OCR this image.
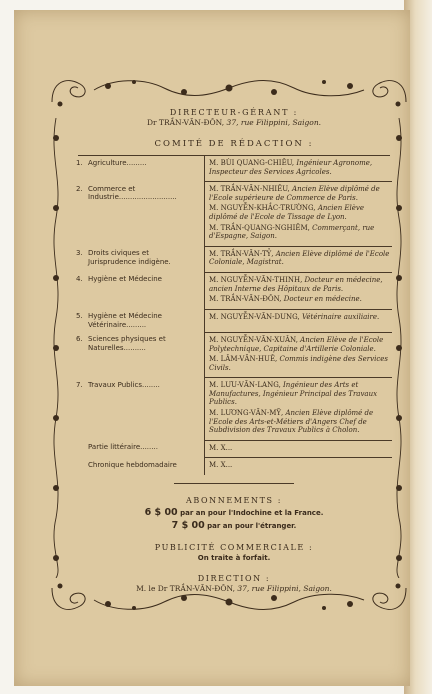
DIRECTEUR-GÉRANT :
Dr TRẦN-VĂN-ĐÔN, 37, rue Filippini, Saigon.
COMITÉ DE RÉDACTION :
1.	Agriculture.........	M. BÙI QUANG-CHIÊU, Ingénieur Agronome, Inspecteur des Services Agricoles.

2.	Commerce et Industrie..........................	M. TRẦN-VĂN-NHIÊU, Ancien Elève diplômé de l'Ecole supérieure de Commerce de Paris.
M. NGUYỄN-KHẮC-TRƯỜNG, Ancien Elève diplômé de l'Ecole de Tissage de Lyon.
M. TRẦN-QUANG-NGHIÊM, Commerçant, rue d'Espagne, Saigon.

3.	Droits civiques et Jurisprudence indigène.	M. TRẦN-VĂN-TỶ, Ancien Elève diplômé de l'Ecole Coloniale, Magistrat.

4.	Hygiène et Médecine	M. NGUYỄN-VĂN-THINH, Docteur en médecine, ancien Interne des Hôpitaux de Paris.
M. TRẦN-VĂN-ĐÔN, Docteur en médecine.

5.	Hygiène et Médecine Vétérinaire.........	M. NGUYỄN-VĂN-DUNG, Vétérinaire auxiliaire.

6.	Sciences physiques et Naturelles..........	M. NGUYỄN-VĂN-XUÂN, Ancien Elève de l'Ecole Polytechnique, Capitaine d'Artillerie Coloniale.
M. LÂM-VĂN-HUÊ, Commis indigène des Services Civils.

7.	Travaux Publics........	M. LƯU-VĂN-LANG, Ingénieur des Arts et Manufactures, Ingénieur Principal des Travaux Publics.
M. LƯƠNG-VĂN-MỸ, Ancien Elève diplômé de l'Ecole des Arts-et-Métiers d'Angers Chef de Subdivision des Travaux Publics à Cholon.

	Partie littéraire........	M. X...

	Chronique hebdomadaire	M. X...
ABONNEMENTS :
6 $ 00 par an pour l'Indochine et la France.
7 $ 00 par an pour l'étranger.
PUBLICITÉ COMMERCIALE :
On traite à forfait.
DIRECTION :
M. le Dr TRẦN-VĂN-ĐÔN, 37, rue Filippini, Saigon.
